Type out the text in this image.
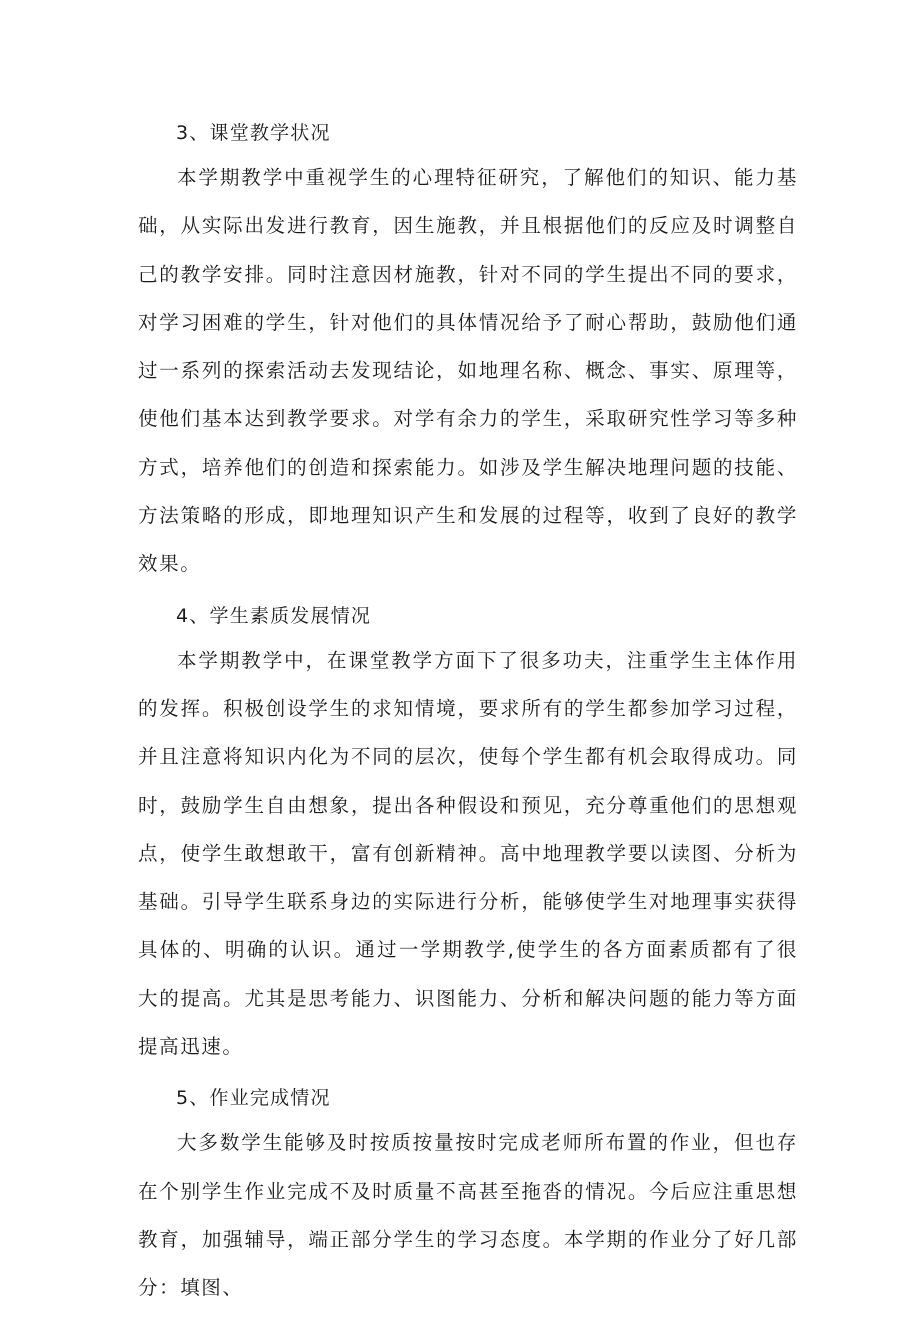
3、课堂教学状况

本学期教学中重视学生的心理特征研究，了解他们的知识、能力基础，从实际出发进行教育，因生施教，并且根据他们的反应及时调整自己的教学安排。同时注意因材施教，针对不同的学生提出不同的要求，对学习困难的学生，针对他们的具体情况给予了耐心帮助，鼓励他们通过一系列的探索活动去发现结论，如地理名称、概念、事实、原理等，使他们基本达到教学要求。对学有余力的学生，采取研究性学习等多种方式，培养他们的创造和探索能力。如涉及学生解决地理问题的技能、方法策略的形成，即地理知识产生和发展的过程等，收到了良好的教学效果。

4、学生素质发展情况

本学期教学中，在课堂教学方面下了很多功夫，注重学生主体作用的发挥。积极创设学生的求知情境，要求所有的学生都参加学习过程，并且注意将知识内化为不同的层次，使每个学生都有机会取得成功。同时，鼓励学生自由想象，提出各种假设和预见，充分尊重他们的思想观点，使学生敢想敢干，富有创新精神。高中地理教学要以读图、分析为基础。引导学生联系身边的实际进行分析，能够使学生对地理事实获得具体的、明确的认识。通过一学期教学,使学生的各方面素质都有了很大的提高。尤其是思考能力、识图能力、分析和解决问题的能力等方面提高迅速。

5、作业完成情况

大多数学生能够及时按质按量按时完成老师所布置的作业，但也存在个别学生作业完成不及时质量不高甚至拖沓的情况。今后应注重思想教育，加强辅导，端正部分学生的学习态度。本学期的作业分了好几部分：填图、
